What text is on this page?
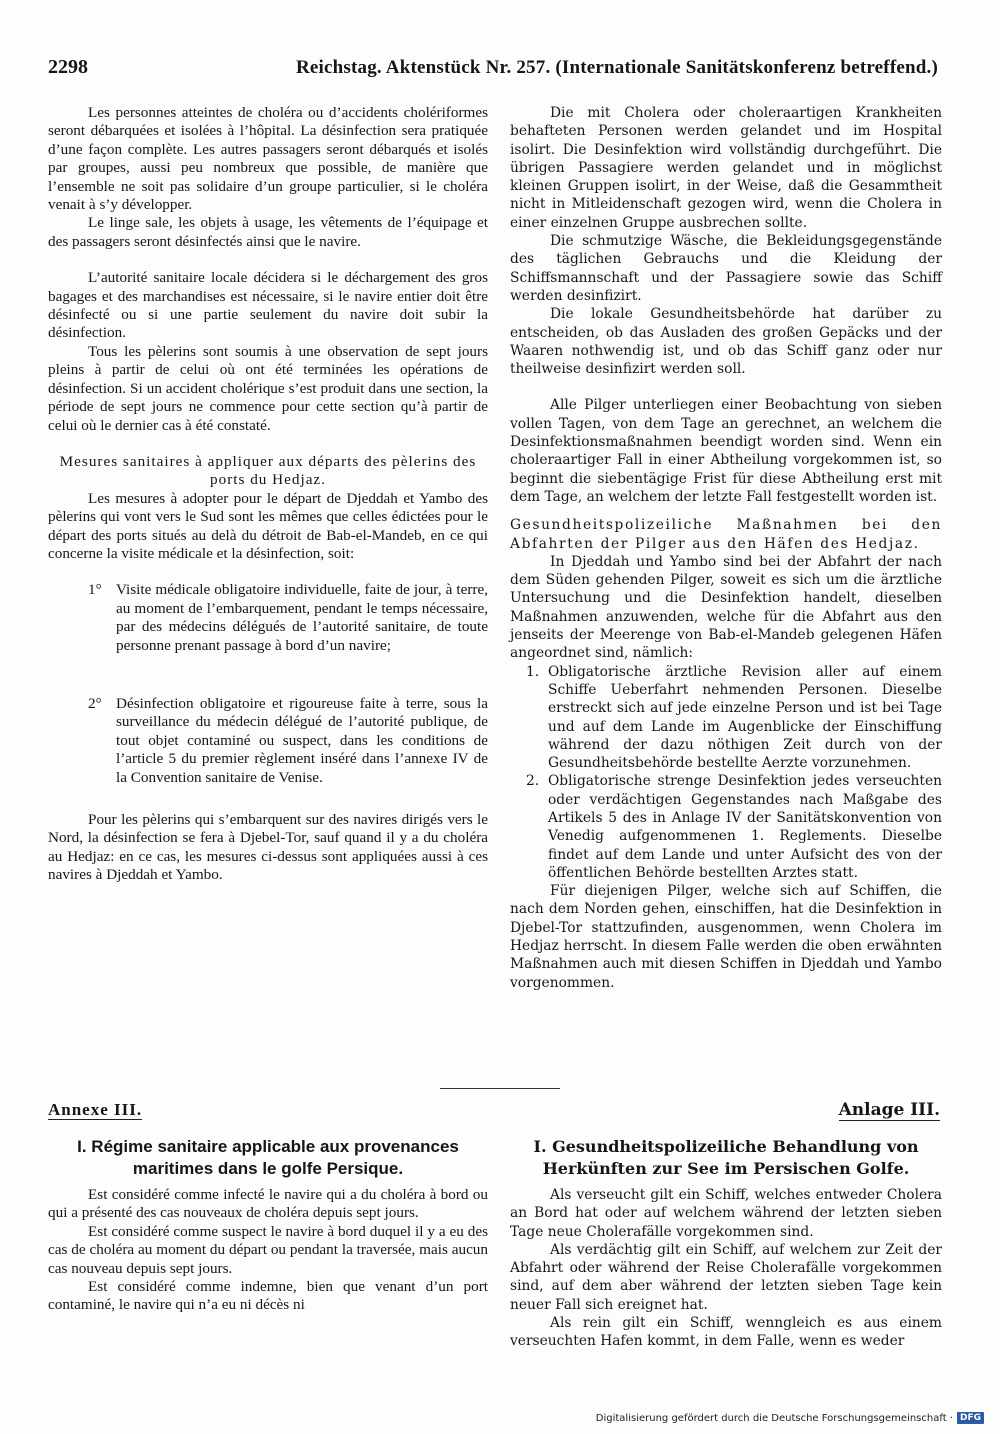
2298	Reichstag. Aktenstück Nr. 257. (Internationale Sanitätskonferenz betreffend.)

Les personnes atteintes de choléra ou d’accidents cholériformes seront débarquées et isolées à l’hôpital. La désinfection sera pratiquée d’une façon complète. Les autres passagers seront débarqués et isolés par groupes, aussi peu nombreux que possible, de manière que l’ensemble ne soit pas solidaire d’un groupe particulier, si le choléra venait à s’y développer.

Le linge sale, les objets à usage, les vêtements de l’équipage et des passagers seront désinfectés ainsi que le navire.

L’autorité sanitaire locale décidera si le déchargement des gros bagages et des marchandises est nécessaire, si le navire entier doit être désinfecté ou si une partie seulement du navire doit subir la désinfection.

Tous les pèlerins sont soumis à une observation de sept jours pleins à partir de celui où ont été terminées les opérations de désinfection. Si un accident cholérique s’est produit dans une section, la période de sept jours ne commence pour cette section qu’à partir de celui où le dernier cas à été constaté.

Mesures sanitaires à appliquer aux départs des pèlerins des ports du Hedjaz.

Les mesures à adopter pour le départ de Djeddah et Yambo des pèlerins qui vont vers le Sud sont les mêmes que celles édictées pour le départ des ports situés au delà du détroit de Bab-el-Mandeb, en ce qui concerne la visite médicale et la désinfection, soit:

1° Visite médicale obligatoire individuelle, faite de jour, à terre, au moment de l’embarquement, pendant le temps nécessaire, par des médecins délégués de l’autorité sanitaire, de toute personne prenant passage à bord d’un navire;
2° Désinfection obligatoire et rigoureuse faite à terre, sous la surveillance du médecin délégué de l’autorité publique, de tout objet contaminé ou suspect, dans les conditions de l’article 5 du premier règlement inséré dans l’annexe IV de la Convention sanitaire de Venise.

Pour les pèlerins qui s’embarquent sur des navires dirigés vers le Nord, la désinfection se fera à Djebel-Tor, sauf quand il y a du choléra au Hedjaz: en ce cas, les mesures ci-dessus sont appliquées aussi à ces navires à Djeddah et Yambo.

Die mit Cholera oder choleraartigen Krankheiten behafteten Personen werden gelandet und im Hospital isolirt. Die Desinfektion wird vollständig durchgeführt. Die übrigen Passagiere werden gelandet und in möglichst kleinen Gruppen isolirt, in der Weise, daß die Gesammtheit nicht in Mitleidenschaft gezogen wird, wenn die Cholera in einer einzelnen Gruppe ausbrechen sollte.

Die schmutzige Wäsche, die Bekleidungsgegenstände des täglichen Gebrauchs und die Kleidung der Schiffsmannschaft und der Passagiere sowie das Schiff werden desinfizirt.

Die lokale Gesundheitsbehörde hat darüber zu entscheiden, ob das Ausladen des großen Gepäcks und der Waaren nothwendig ist, und ob das Schiff ganz oder nur theilweise desinfizirt werden soll.

Alle Pilger unterliegen einer Beobachtung von sieben vollen Tagen, von dem Tage an gerechnet, an welchem die Desinfektionsmaßnahmen beendigt worden sind. Wenn ein choleraartiger Fall in einer Abtheilung vorgekommen ist, so beginnt die siebentägige Frist für diese Abtheilung erst mit dem Tage, an welchem der letzte Fall festgestellt worden ist.

Gesundheitspolizeiliche Maßnahmen bei den Abfahrten der Pilger aus den Häfen des Hedjaz.

In Djeddah und Yambo sind bei der Abfahrt der nach dem Süden gehenden Pilger, soweit es sich um die ärztliche Untersuchung und die Desinfektion handelt, dieselben Maßnahmen anzuwenden, welche für die Abfahrt aus den jenseits der Meerenge von Bab-el-Mandeb gelegenen Häfen angeordnet sind, nämlich:

1. Obligatorische ärztliche Revision aller auf einem Schiffe Ueberfahrt nehmenden Personen. Dieselbe erstreckt sich auf jede einzelne Person und ist bei Tage und auf dem Lande im Augenblicke der Einschiffung während der dazu nöthigen Zeit durch von der Gesundheitsbehörde bestellte Aerzte vorzunehmen.
2. Obligatorische strenge Desinfektion jedes verseuchten oder verdächtigen Gegenstandes nach Maßgabe des Artikels 5 des in Anlage IV der Sanitätskonvention von Venedig aufgenommenen 1. Reglements. Dieselbe findet auf dem Lande und unter Aufsicht des von der öffentlichen Behörde bestellten Arztes statt.

Für diejenigen Pilger, welche sich auf Schiffen, die nach dem Norden gehen, einschiffen, hat die Desinfektion in Djebel-Tor stattzufinden, ausgenommen, wenn Cholera im Hedjaz herrscht. In diesem Falle werden die oben erwähnten Maßnahmen auch mit diesen Schiffen in Djeddah und Yambo vorgenommen.

Annexe III.	Anlage III.
I. Régime sanitaire applicable aux provenances maritimes dans le golfe Persique.
I. Gesundheitspolizeiliche Behandlung von Herkünften zur See im Persischen Golfe.

Est considéré comme infecté le navire qui a du choléra à bord ou qui a présenté des cas nouveaux de choléra depuis sept jours.

Est considéré comme suspect le navire à bord duquel il y a eu des cas de choléra au moment du départ ou pendant la traversée, mais aucun cas nouveau depuis sept jours.

Est considéré comme indemne, bien que venant d’un port contaminé, le navire qui n’a eu ni décès ni

Als verseucht gilt ein Schiff, welches entweder Cholera an Bord hat oder auf welchem während der letzten sieben Tage neue Cholerafälle vorgekommen sind.

Als verdächtig gilt ein Schiff, auf welchem zur Zeit der Abfahrt oder während der Reise Cholerafälle vorgekommen sind, auf dem aber während der letzten sieben Tage kein neuer Fall sich ereignet hat.

Als rein gilt ein Schiff, wenngleich es aus einem verseuchten Hafen kommt, in dem Falle, wenn es weder

Digitalisierung gefördert durch die Deutsche Forschungsgemeinschaft · DFG
